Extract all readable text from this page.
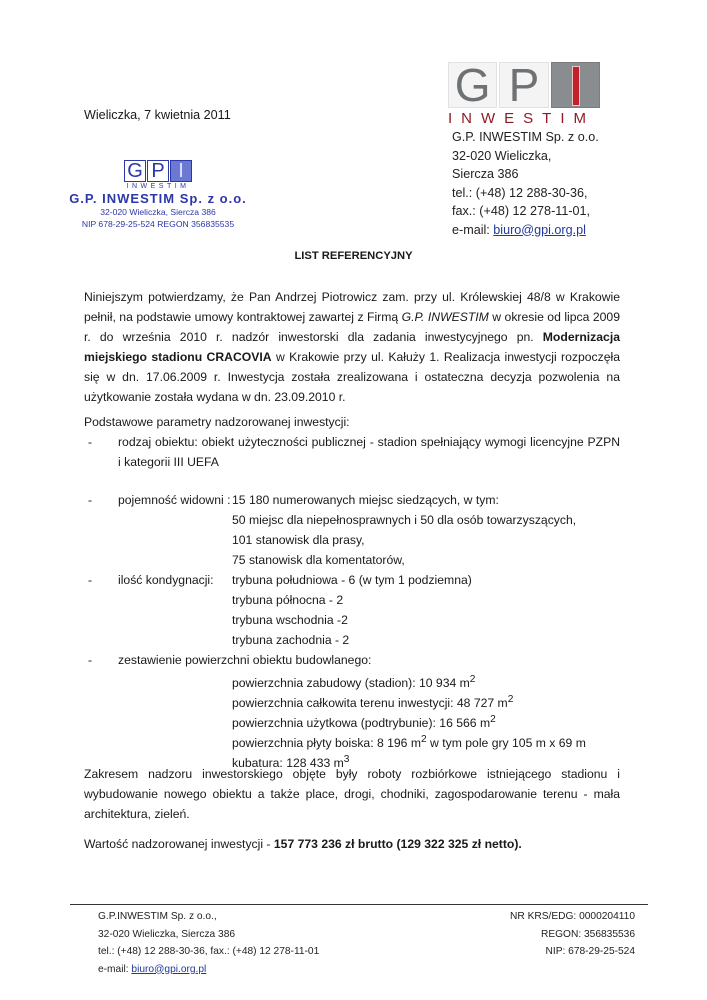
G P
INWESTIM
G.P. INWESTIM Sp. z o.o.
32-020 Wieliczka,
Siercza 386
tel.: (+48) 12 288-30-36,
fax.: (+48) 12 278-11-01,
e-mail: biuro@gpi.org.pl
Wieliczka, 7 kwietnia 2011
G P I
INWESTIM
G.P. INWESTIM Sp. z o.o.
32-020 Wieliczka, Siercza 386
NIP 678-29-25-524 REGON 356835535
LIST REFERENCYJNY
Niniejszym potwierdzamy, że Pan Andrzej Piotrowicz zam. przy ul. Królewskiej 48/8 w Krakowie pełnił, na podstawie umowy kontraktowej zawartej z Firmą G.P. INWESTIM w okresie od lipca 2009 r. do września 2010 r. nadzór inwestorski dla zadania inwestycyjnego pn. Modernizacja miejskiego stadionu CRACOVIA w Krakowie przy ul. Kałuży 1. Realizacja inwestycji rozpoczęła się w dn. 17.06.2009 r. Inwestycja została zrealizowana i ostateczna decyzja pozwolenia na użytkowanie została wydana w dn. 23.09.2010 r.
Podstawowe parametry nadzorowanej inwestycji:
- rodzaj obiektu: obiekt użyteczności publicznej - stadion spełniający wymogi licencyjne PZPN i kategorii III UEFA
- pojemność widowni : 15 180 numerowanych miejsc siedzących, w tym:
50 miejsc dla niepełnosprawnych i 50 dla osób towarzyszących,
101 stanowisk dla prasy,
75 stanowisk dla komentatorów,
- ilość kondygnacji: trybuna południowa - 6 (w tym 1 podziemna)
trybuna północna - 2
trybuna wschodnia -2
trybuna zachodnia - 2
- zestawienie powierzchni obiektu budowlanego:
powierzchnia zabudowy (stadion): 10 934 $m^2$
powierzchnia całkowita terenu inwestycji: 48 727 $m^2$
powierzchnia użytkowa (podtrybunie): 16 566 $m^2$
powierzchnia płyty boiska: 8 196 $m^2$ w tym pole gry 105 m x 69 m
kubatura: 128 433 $m^3$
Zakresem nadzoru inwestorskiego objęte były roboty rozbiórkowe istniejącego stadionu i wybudowanie nowego obiektu a także place, drogi, chodniki, zagospodarowanie terenu - mała architektura, zieleń.
Wartość nadzorowanej inwestycji - 157 773 236 zł brutto (129 322 325 zł netto).
G.P.INWESTIM Sp. z o.o.,
32-020 Wieliczka, Siercza 386
tel.: (+48) 12 288-30-36, fax.: (+48) 12 278-11-01
e-mail: biuro@gpi.org.pl
NR KRS/EDG: 0000204110
REGON: 356835536
NIP: 678-29-25-524
